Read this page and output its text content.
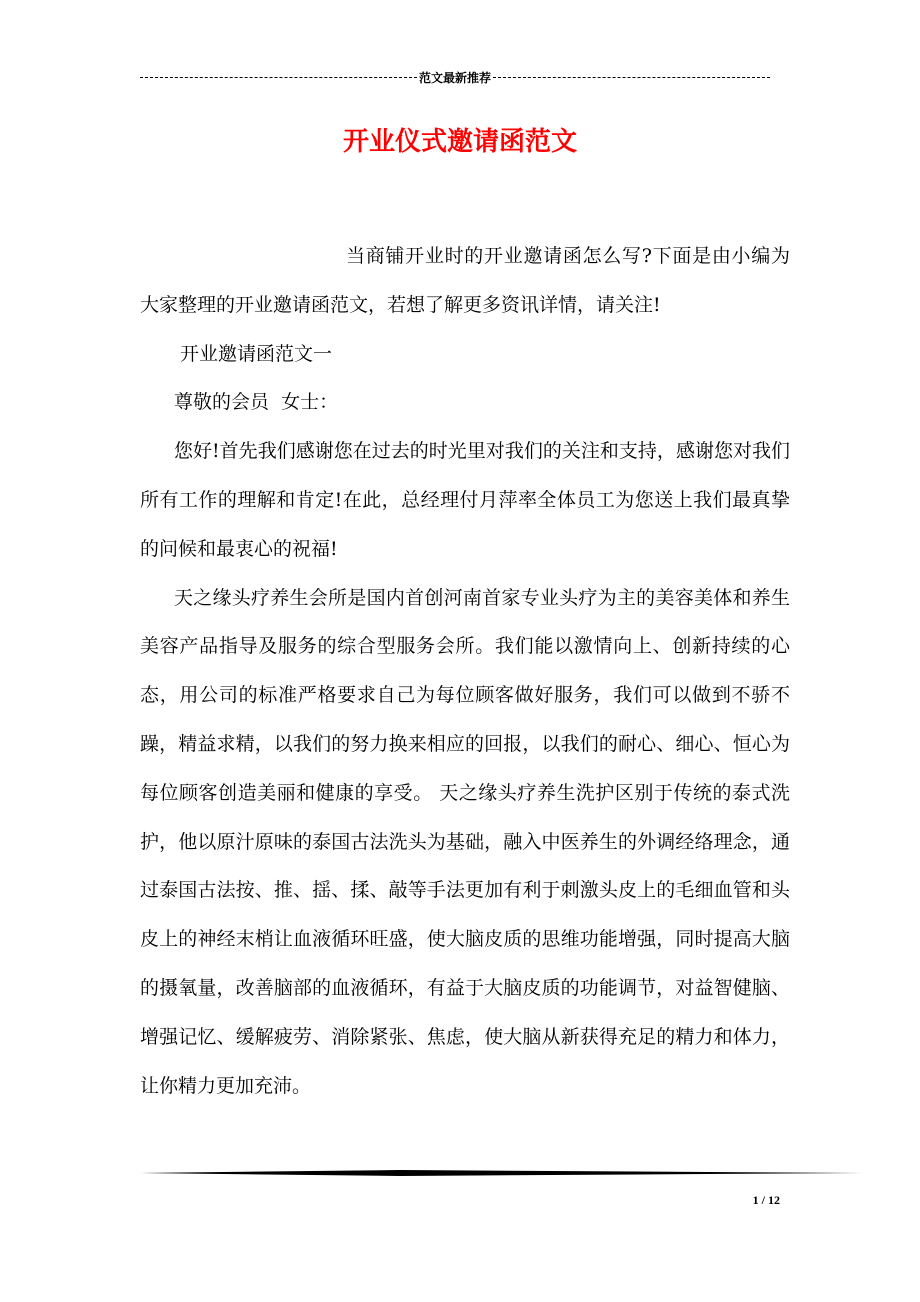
范文最新推荐
开业仪式邀请函范文

当商铺开业时的开业邀请函怎么写?下面是由小编为大家整理的开业邀请函范文，若想了解更多资讯详情，请关注!

开业邀请函范文一

尊敬的会员  女士：

您好!首先我们感谢您在过去的时光里对我们的关注和支持，感谢您对我们所有工作的理解和肯定!在此，总经理付月萍率全体员工为您送上我们最真挚的问候和最衷心的祝福!

天之缘头疗养生会所是国内首创河南首家专业头疗为主的美容美体和养生美容产品指导及服务的综合型服务会所。我们能以激情向上、创新持续的心态，用公司的标准严格要求自己为每位顾客做好服务，我们可以做到不骄不躁，精益求精，以我们的努力换来相应的回报，以我们的耐心、细心、恒心为每位顾客创造美丽和健康的享受。 天之缘头疗养生洗护区别于传统的泰式洗护，他以原汁原味的泰国古法洗头为基础，融入中医养生的外调经络理念，通过泰国古法按、推、揺、揉、敲等手法更加有利于刺激头皮上的毛细血管和头皮上的神经末梢让血液循环旺盛，使大脑皮质的思维功能增强，同时提高大脑的摄氧量，改善脑部的血液循环，有益于大脑皮质的功能调节，对益智健脑、增强记忆、缓解疲劳、消除紧张、焦虑，使大脑从新获得充足的精力和体力，让你精力更加充沛。

1 / 12
